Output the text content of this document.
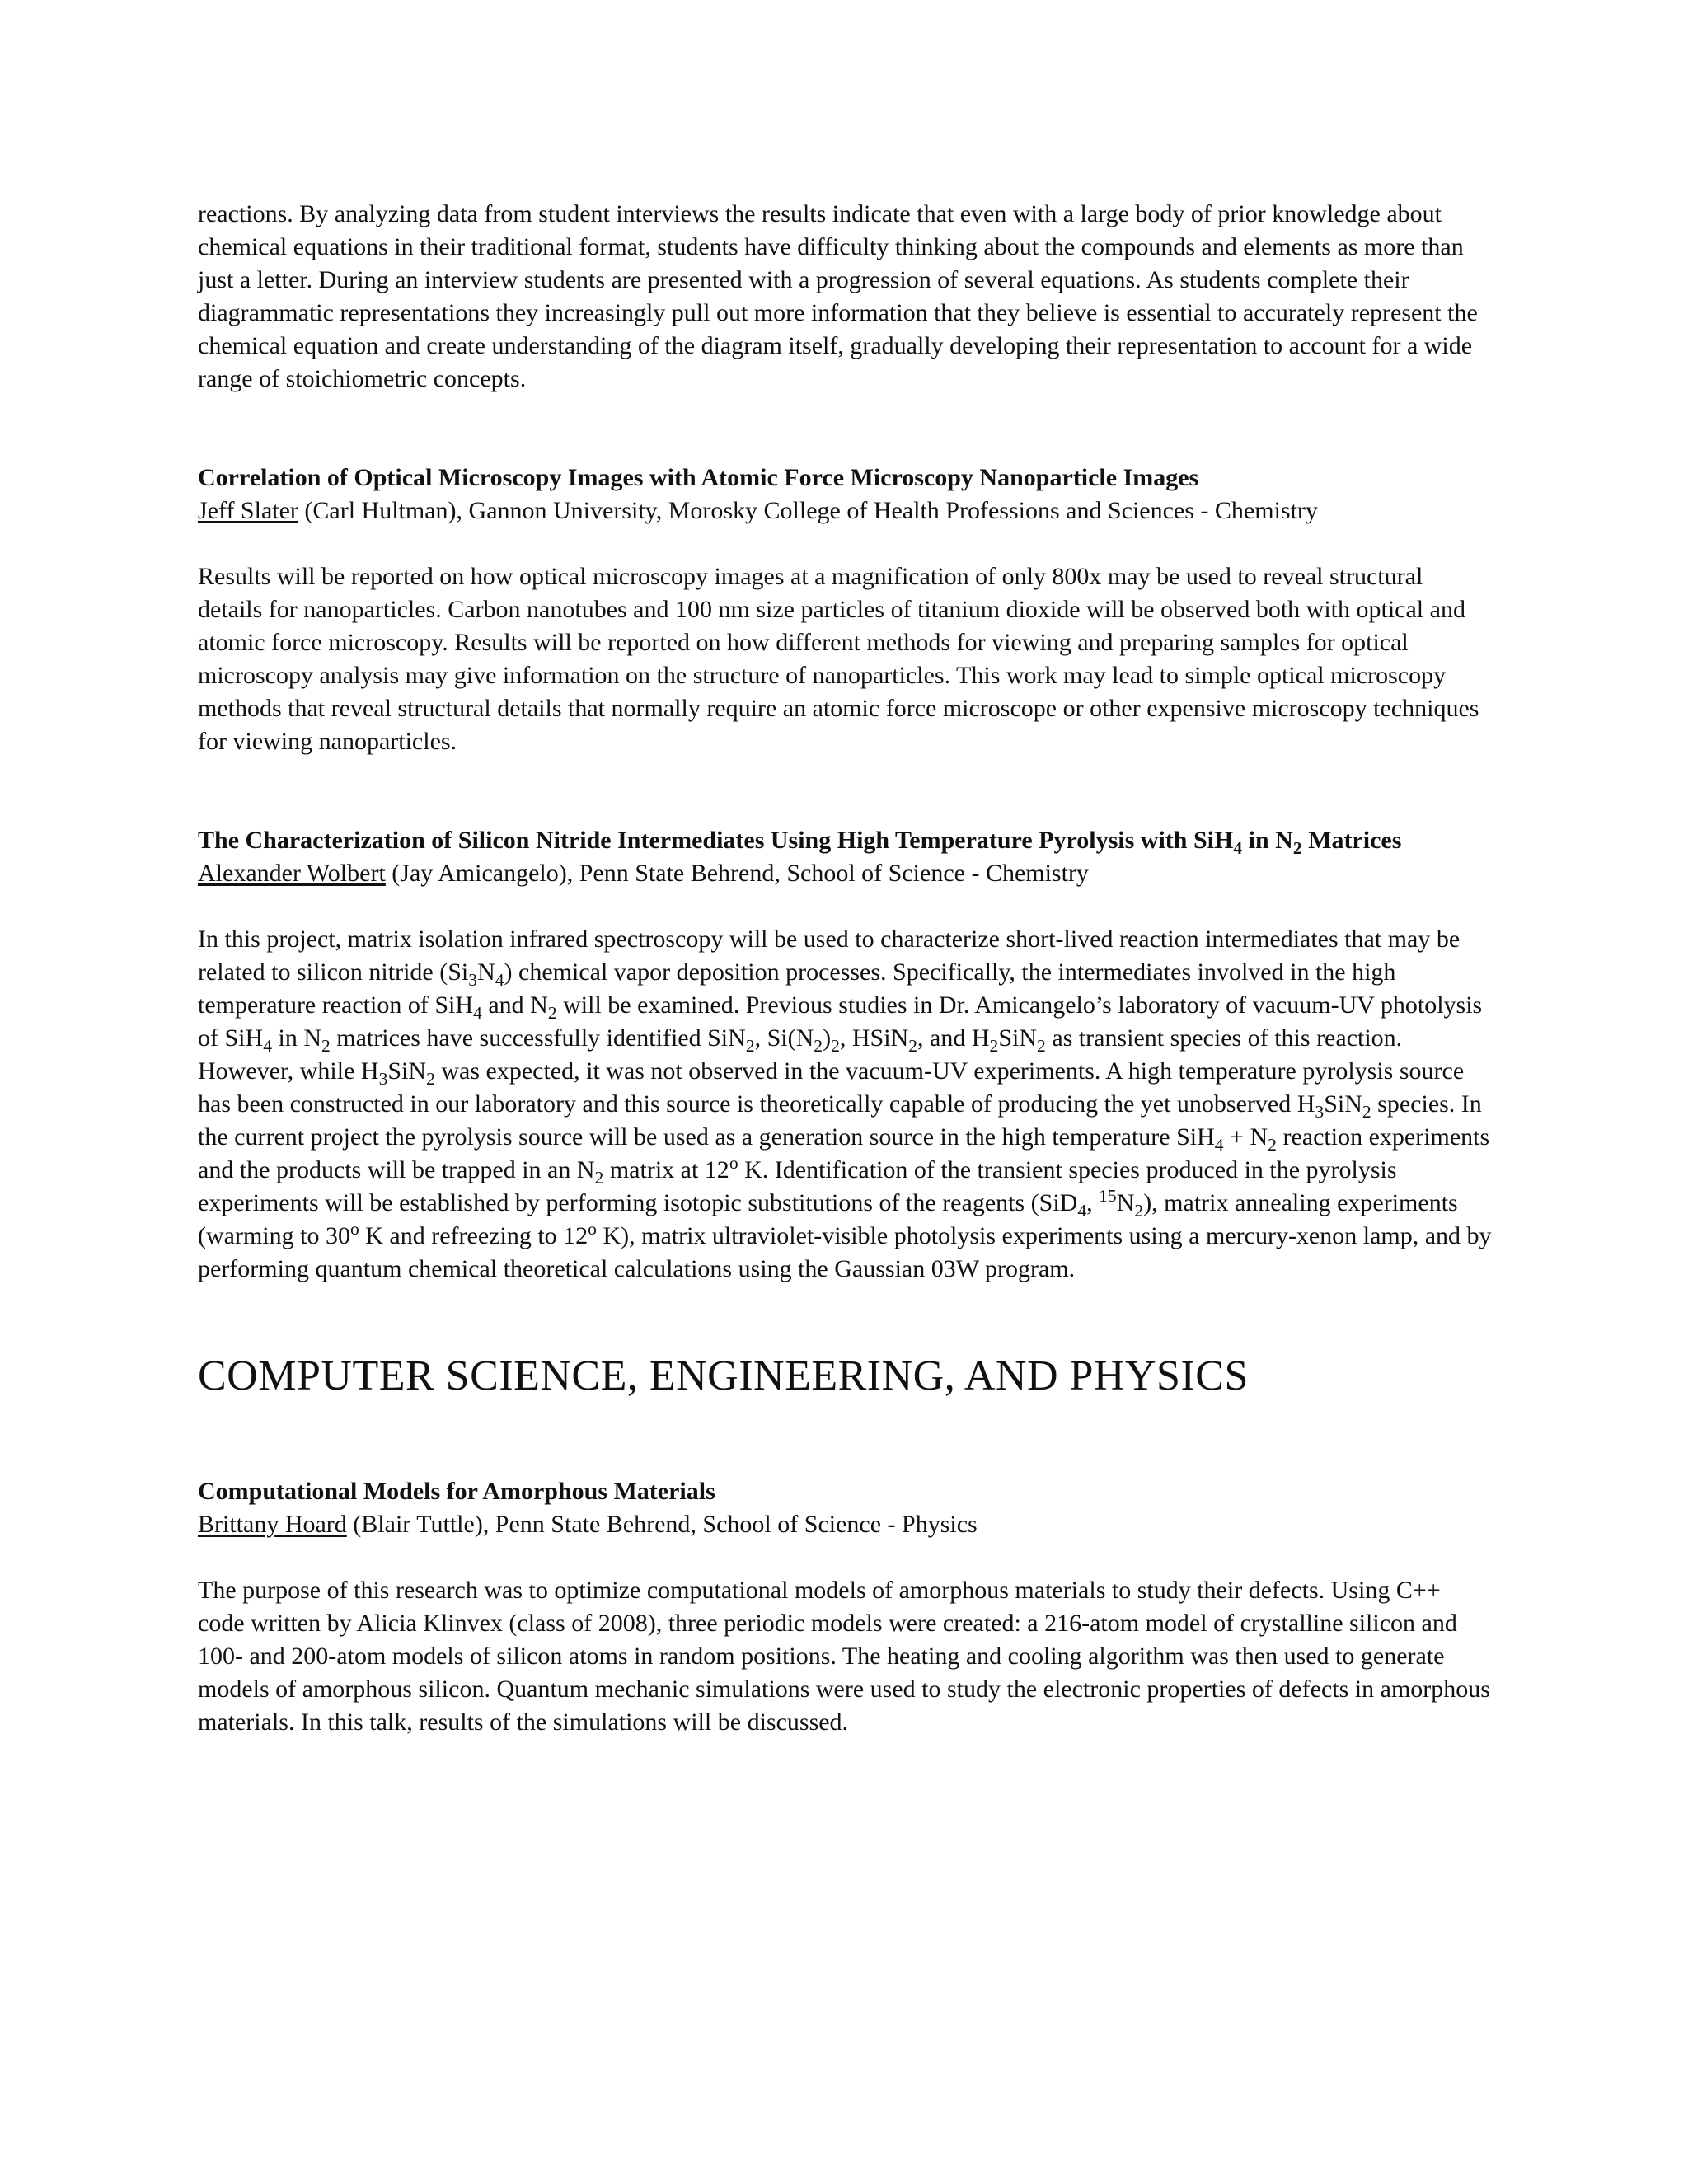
reactions. By analyzing data from student interviews the results indicate that even with a large body of prior knowledge about chemical equations in their traditional format, students have difficulty thinking about the compounds and elements as more than just a letter. During an interview students are presented with a progression of several equations. As students complete their diagrammatic representations they increasingly pull out more information that they believe is essential to accurately represent the chemical equation and create understanding of the diagram itself, gradually developing their representation to account for a wide range of stoichiometric concepts.

Correlation of Optical Microscopy Images with Atomic Force Microscopy Nanoparticle Images

Jeff Slater (Carl Hultman), Gannon University, Morosky College of Health Professions and Sciences - Chemistry

Results will be reported on how optical microscopy images at a magnification of only 800x may be used to reveal structural details for nanoparticles. Carbon nanotubes and 100 nm size particles of titanium dioxide will be observed both with optical and atomic force microscopy. Results will be reported on how different methods for viewing and preparing samples for optical microscopy analysis may give information on the structure of nanoparticles. This work may lead to simple optical microscopy methods that reveal structural details that normally require an atomic force microscope or other expensive microscopy techniques for viewing nanoparticles.

The Characterization of Silicon Nitride Intermediates Using High Temperature Pyrolysis with SiH$_4$ in $N_2$ Matrices

Alexander Wolbert (Jay Amicangelo), Penn State Behrend, School of Science - Chemistry

In this project, matrix isolation infrared spectroscopy will be used to characterize short-lived reaction intermediates that may be related to silicon nitride $(Si_3N_4)$ chemical vapor deposition processes. Specifically, the intermediates involved in the high temperature reaction of SiH$_4$ and $N_2$ will be examined. Previous studies in Dr. Amicangelo’s laboratory of vacuum-UV photolysis of SiH$_4$ in $N_2$ matrices have successfully identified SiN$_2$, $Si(N_2)_2$, HSiN$_2$, and $H_2SiN_2$ as transient species of this reaction. However, while $H_3SiN_2$ was expected, it was not observed in the vacuum-UV experiments. A high temperature pyrolysis source has been constructed in our laboratory and this source is theoretically capable of producing the yet unobserved $H_3SiN_2$ species. In the current project the pyrolysis source will be used as a generation source in the high temperature $SiH_4 + N_2$ reaction experiments and the products will be trapped in an $N_2$ matrix at 12$^o$ K. Identification of the transient species produced in the pyrolysis experiments will be established by performing isotopic substitutions of the reagents (SiD$_4$, $^{15}N_2$), matrix annealing experiments (warming to 30$^o$ K and refreezing to 12$^o$ K), matrix ultraviolet-visible photolysis experiments using a mercury-xenon lamp, and by performing quantum chemical theoretical calculations using the Gaussian 03W program.

COMPUTER SCIENCE, ENGINEERING, AND PHYSICS

Computational Models for Amorphous Materials

Brittany Hoard (Blair Tuttle), Penn State Behrend, School of Science - Physics

The purpose of this research was to optimize computational models of amorphous materials to study their defects. Using C++ code written by Alicia Klinvex (class of 2008), three periodic models were created: a 216-atom model of crystalline silicon and 100- and 200-atom models of silicon atoms in random positions. The heating and cooling algorithm was then used to generate models of amorphous silicon. Quantum mechanic simulations were used to study the electronic properties of defects in amorphous materials. In this talk, results of the simulations will be discussed.
